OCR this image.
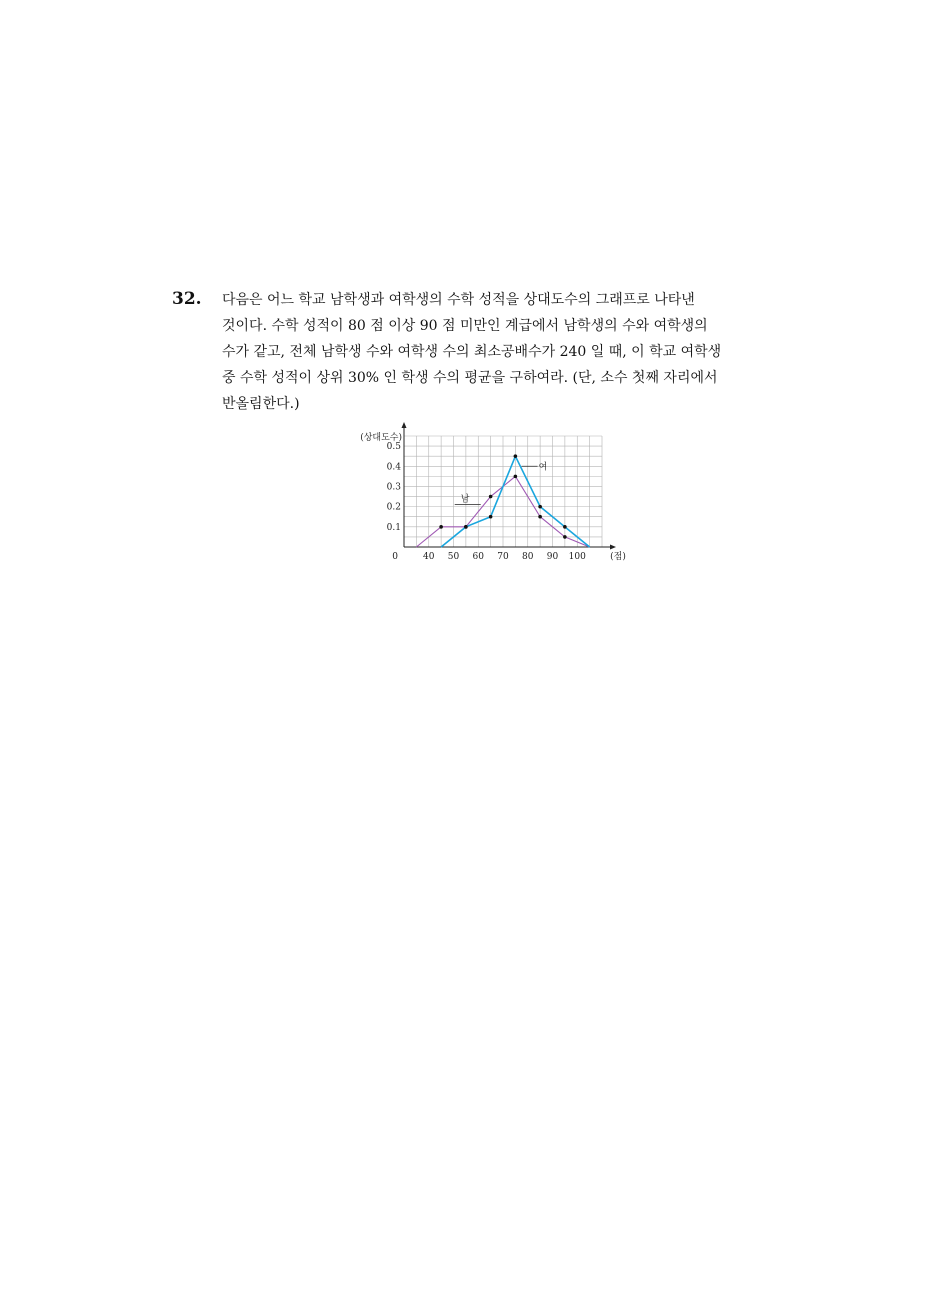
32. 다음은 어느 학교 남학생과 여학생의 수학 성적을 상대도수의 그래프로 나타낸
것이다. 수학 성적이 80 점 이상 90 점 미만인 계급에서 남학생의 수와 여학생의
수가 같고, 전체 남학생 수와 여학생 수의 최소공배수가 240 일 때, 이 학교 여학생
중 수학 성적이 상위 30% 인 학생 수의 평균을 구하여라. (단, 소수 첫째 자리에서
반올림한다.)
40 50 60 70 80 90 100
0.1
0.2
0.3
0.4
0.5
0
(상대도수)
(점)
남
여
